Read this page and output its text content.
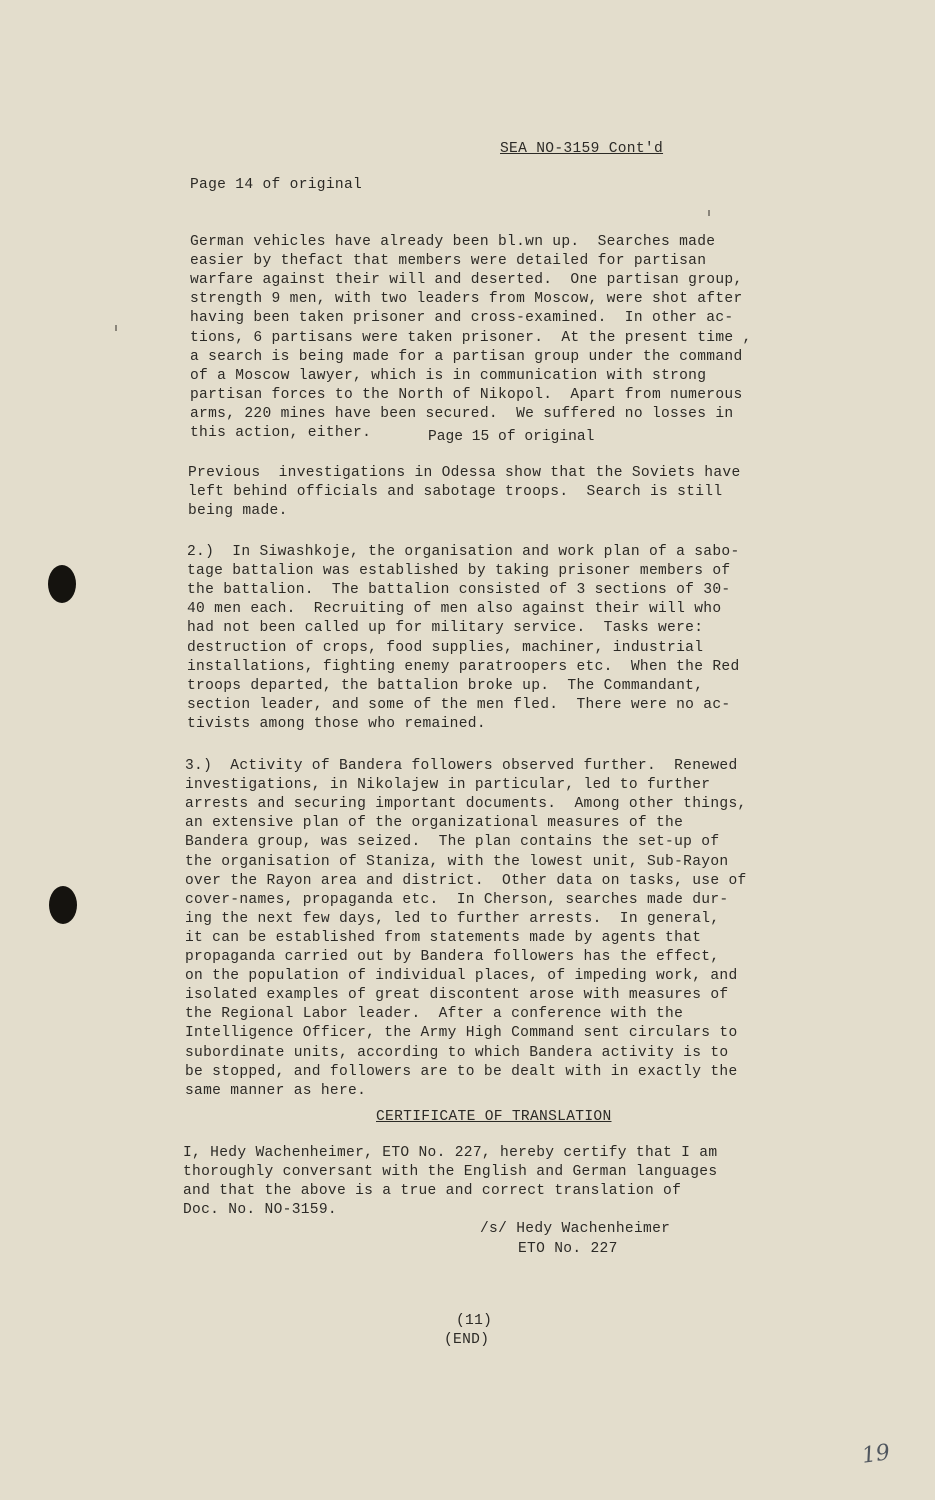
SEA NO-3159 Cont'd
Page 14 of original
German vehicles have already been bl.wn up.  Searches made
easier by thefact that members were detailed for partisan
warfare against their will and deserted.  One partisan group,
strength 9 men, with two leaders from Moscow, were shot after
having been taken prisoner and cross-examined.  In other ac-
tions, 6 partisans were taken prisoner.  At the present time ,
a search is being made for a partisan group under the command
of a Moscow lawyer, which is in communication with strong
partisan forces to the North of Nikopol.  Apart from numerous
arms, 220 mines have been secured.  We suffered no losses in
this action, either.	Page 15 of original
Previous  investigations in Odessa show that the Soviets have
left behind officials and sabotage troops.  Search is still
being made.
2.)  In Siwashkoje, the organisation and work plan of a sabo-
tage battalion was established by taking prisoner members of
the battalion.  The battalion consisted of 3 sections of 30-
40 men each.  Recruiting of men also against their will who
had not been called up for military service.  Tasks were:
destruction of crops, food supplies, machiner, industrial
installations, fighting enemy paratroopers etc.  When the Red
troops departed, the battalion broke up.  The Commandant,
section leader, and some of the men fled.  There were no ac-
tivists among those who remained.
3.)  Activity of Bandera followers observed further.  Renewed
investigations, in Nikolajew in particular, led to further
arrests and securing important documents.  Among other things,
an extensive plan of the organizational measures of the
Bandera group, was seized.  The plan contains the set-up of
the organisation of Staniza, with the lowest unit, Sub-Rayon
over the Rayon area and district.  Other data on tasks, use of
cover-names, propaganda etc.  In Cherson, searches made dur-
ing the next few days, led to further arrests.  In general,
it can be established from statements made by agents that
propaganda carried out by Bandera followers has the effect,
on the population of individual places, of impeding work, and
isolated examples of great discontent arose with measures of
the Regional Labor leader.  After a conference with the
Intelligence Officer, the Army High Command sent circulars to
subordinate units, according to which Bandera activity is to
be stopped, and followers are to be dealt with in exactly the
same manner as here.
CERTIFICATE OF TRANSLATION
I, Hedy Wachenheimer, ETO No. 227, hereby certify that I am
thoroughly conversant with the English and German languages
and that the above is a true and correct translation of
Doc. No. NO-3159.
/s/ Hedy Wachenheimer
ETO No. 227
(11)
(END)
19
